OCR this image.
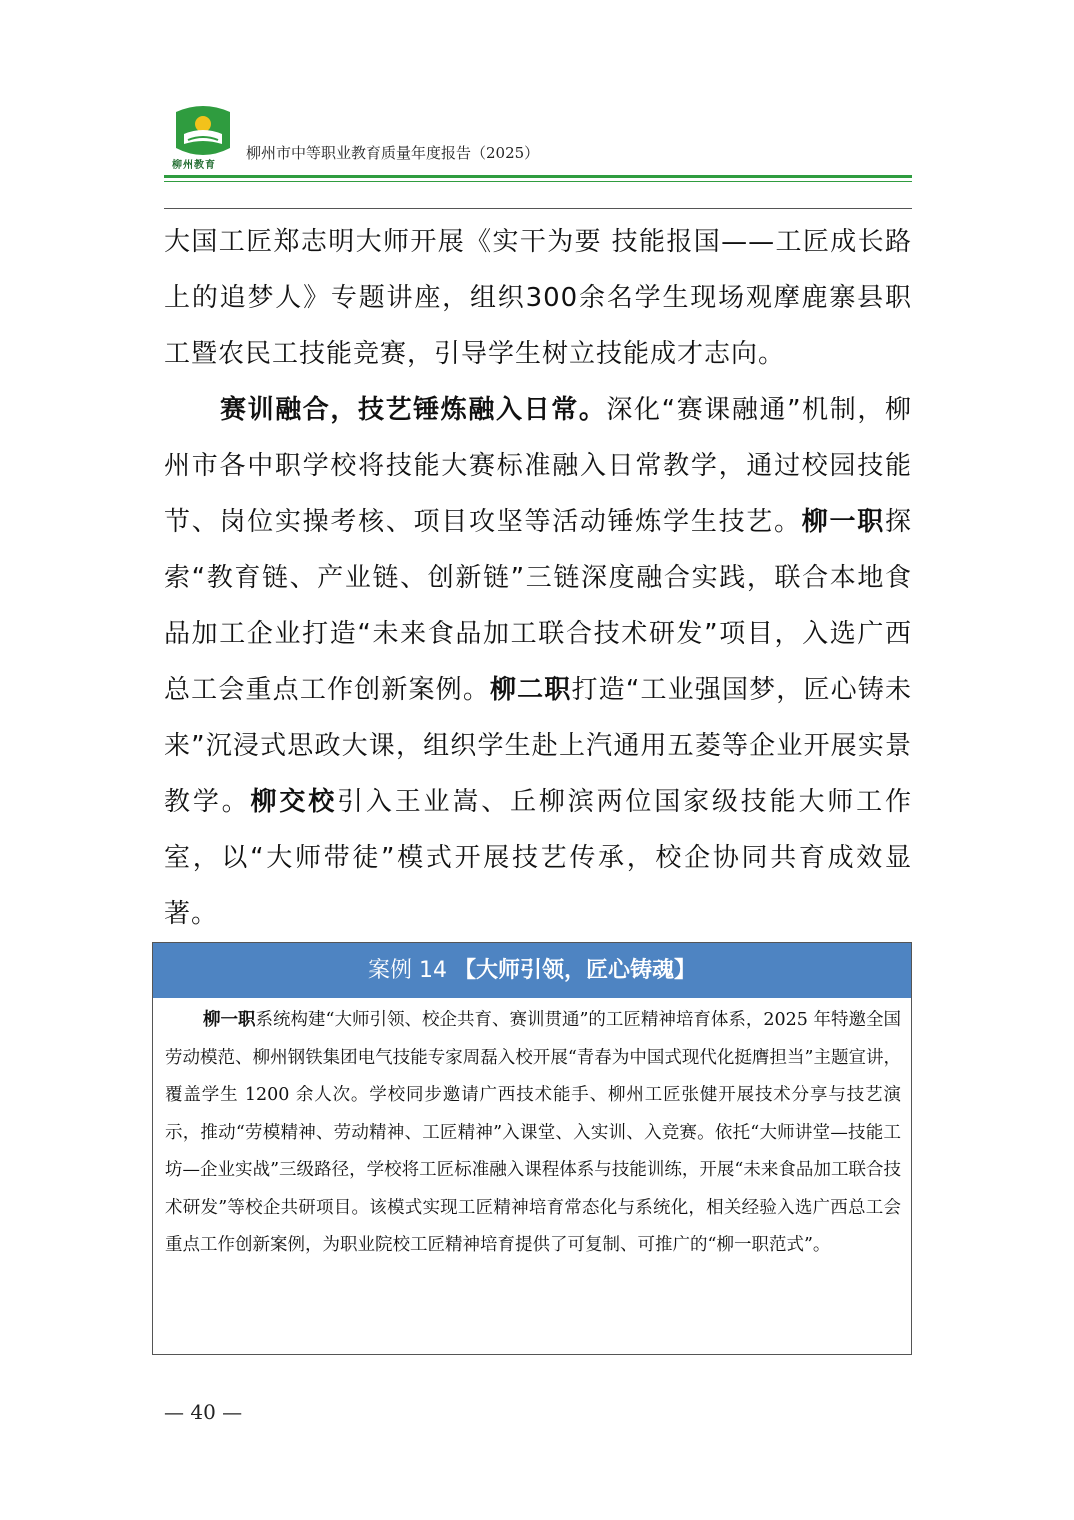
柳州教育
柳州市中等职业教育质量年度报告（2025）

大国工匠郑志明大师开展《实干为要 技能报国——工匠成长路上的追梦人》专题讲座，组织300余名学生现场观摩鹿寨县职工暨农民工技能竞赛，引导学生树立技能成才志向。

赛训融合，技艺锤炼融入日常。深化“赛课融通”机制，柳州市各中职学校将技能大赛标准融入日常教学，通过校园技能节、岗位实操考核、项目攻坚等活动锤炼学生技艺。柳一职探索“教育链、产业链、创新链”三链深度融合实践，联合本地食品加工企业打造“未来食品加工联合技术研发”项目，入选广西总工会重点工作创新案例。柳二职打造“工业强国梦，匠心铸未来”沉浸式思政大课，组织学生赴上汽通用五菱等企业开展实景教学。柳交校引入王业嵩、丘柳滨两位国家级技能大师工作室，以“大师带徒”模式开展技艺传承，校企协同共育成效显著。

案例 14 【大师引领，匠心铸魂】

柳一职系统构建“大师引领、校企共育、赛训贯通”的工匠精神培育体系，2025 年特邀全国劳动模范、柳州钢铁集团电气技能专家周磊入校开展“青春为中国式现代化挺膺担当”主题宣讲，覆盖学生 1200 余人次。学校同步邀请广西技术能手、柳州工匠张健开展技术分享与技艺演示，推动“劳模精神、劳动精神、工匠精神”入课堂、入实训、入竞赛。依托“大师讲堂—技能工坊—企业实战”三级路径，学校将工匠标准融入课程体系与技能训练，开展“未来食品加工联合技术研发”等校企共研项目。该模式实现工匠精神培育常态化与系统化，相关经验入选广西总工会重点工作创新案例，为职业院校工匠精神培育提供了可复制、可推广的“柳一职范式”。

— 40 —
